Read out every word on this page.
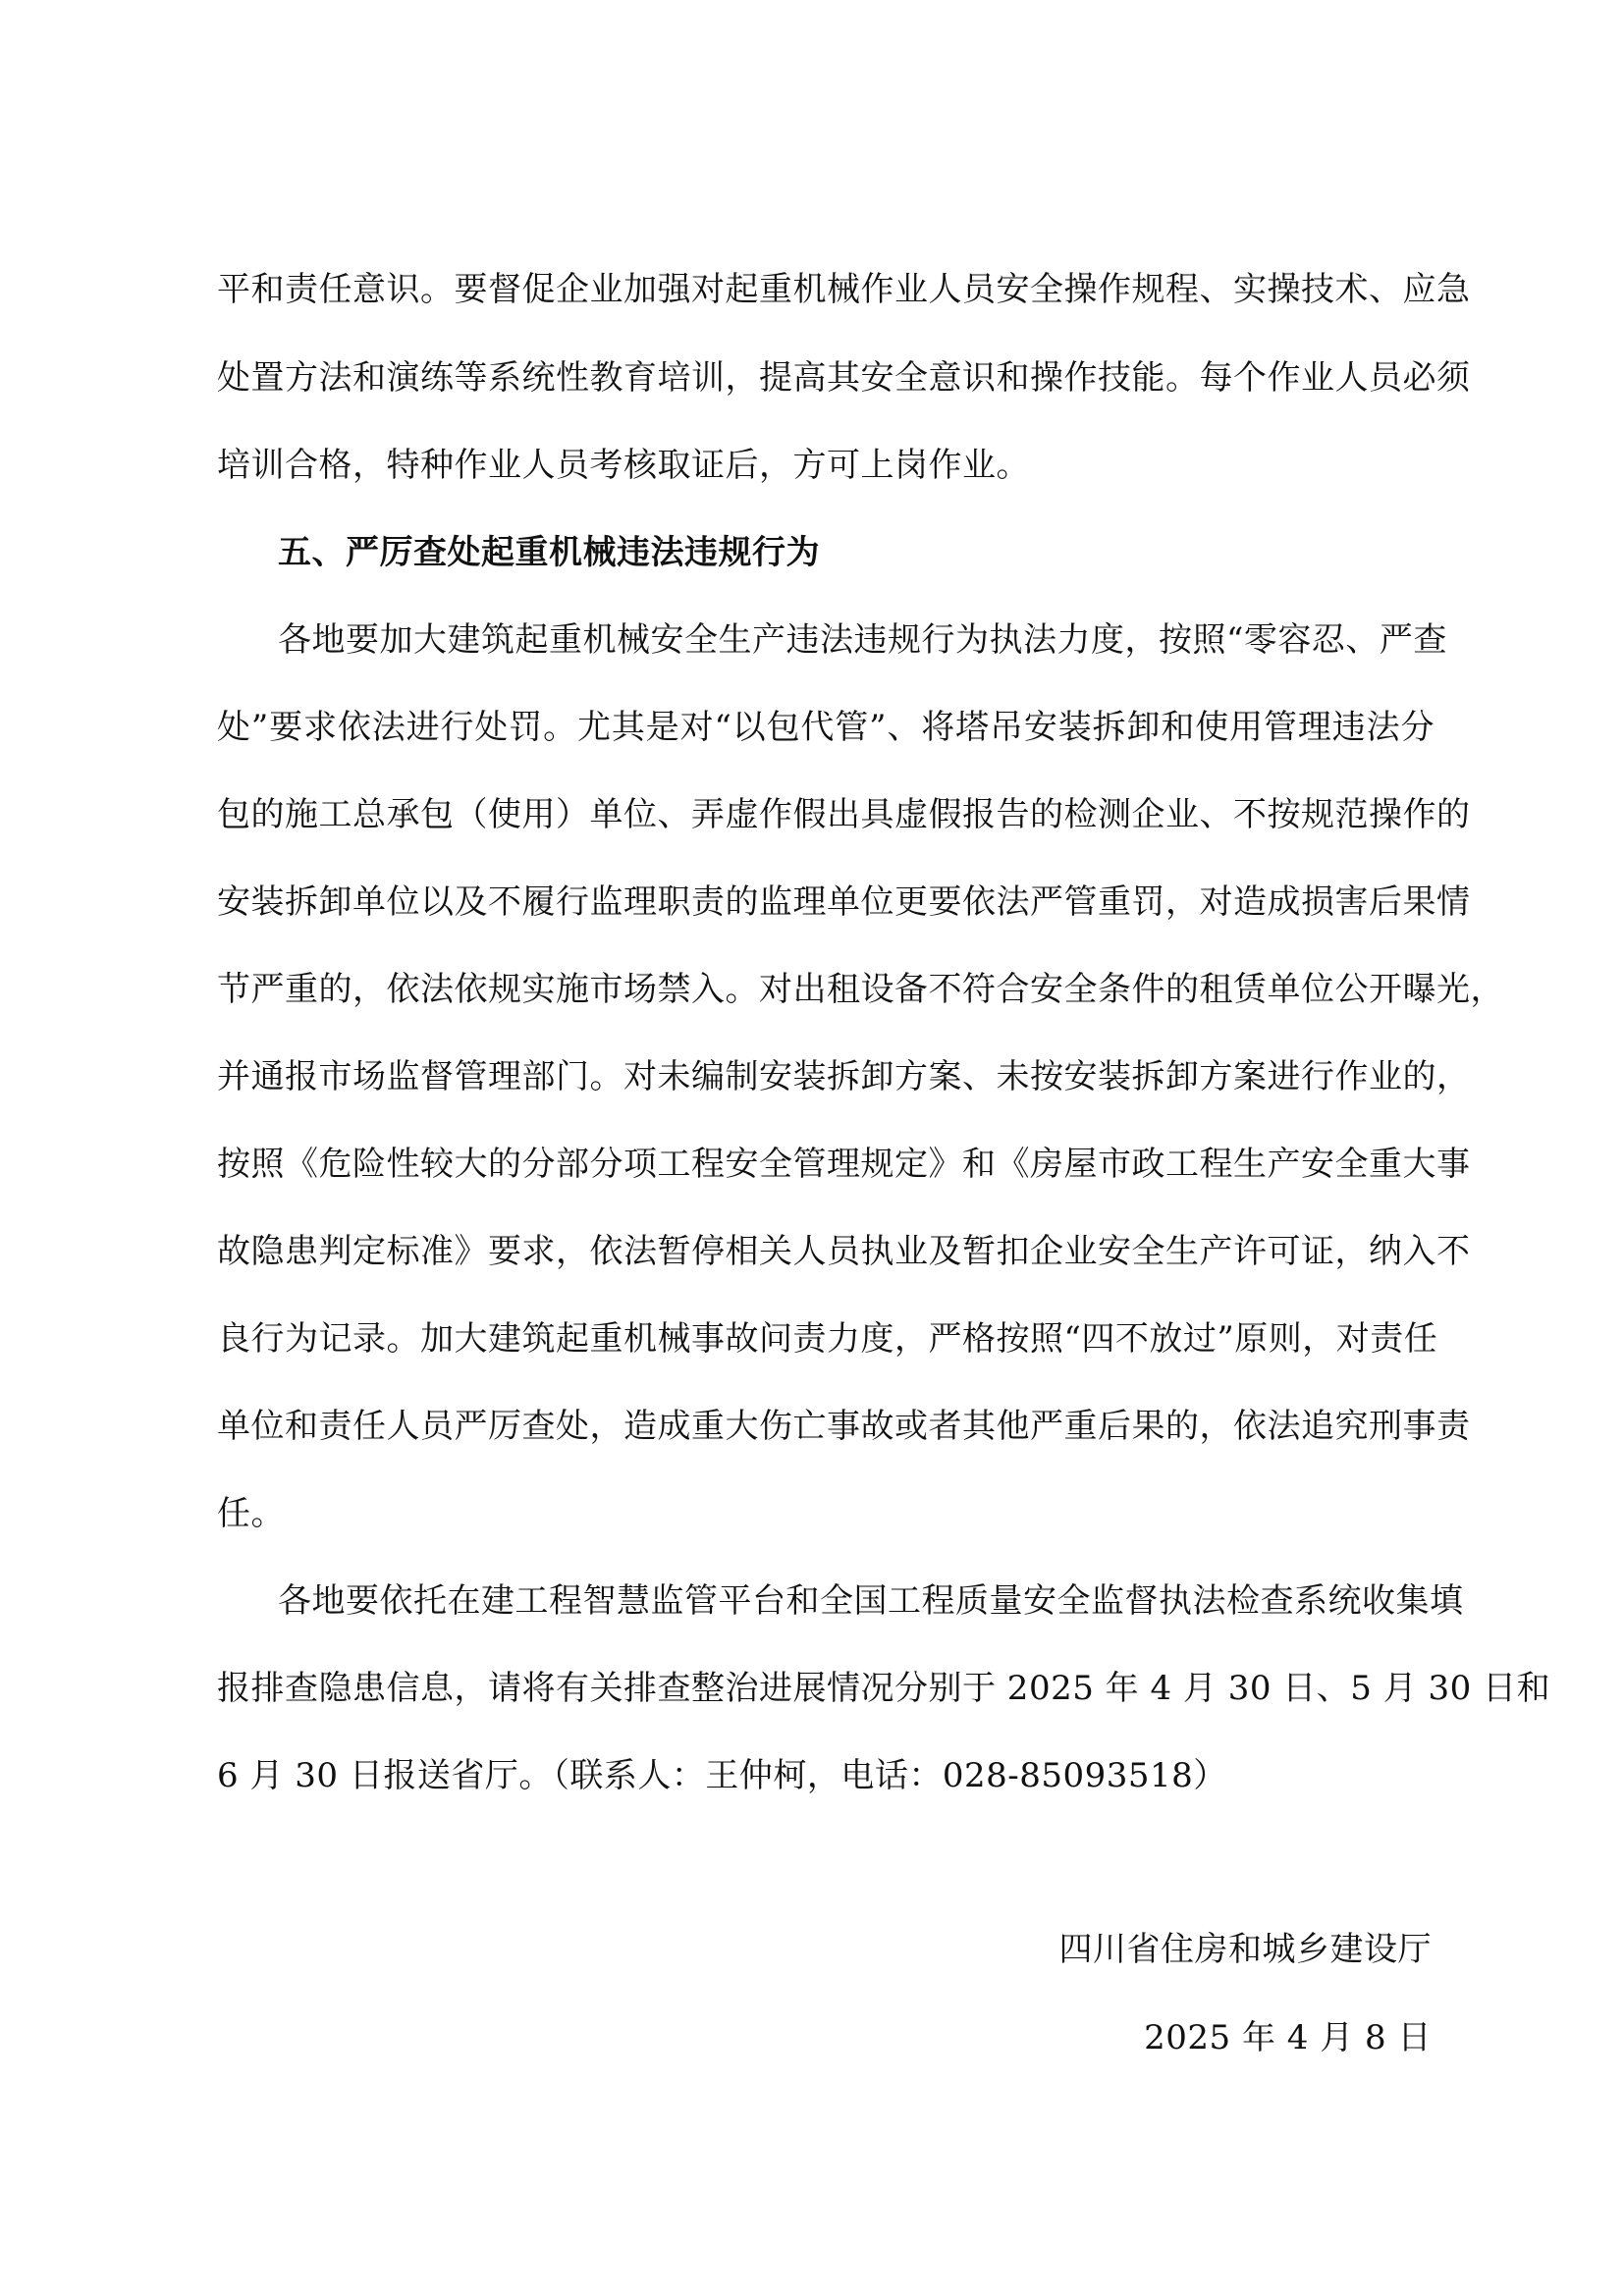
平和责任意识。要督促企业加强对起重机械作业人员安全操作规程、实操技术、应急
处置方法和演练等系统性教育培训，提高其安全意识和操作技能。每个作业人员必须
培训合格，特种作业人员考核取证后，方可上岗作业。
五、严厉查处起重机械违法违规行为
各地要加大建筑起重机械安全生产违法违规行为执法力度，按照“零容忍、严查
处”要求依法进行处罚。尤其是对“以包代管”、将塔吊安装拆卸和使用管理违法分
包的施工总承包（使用）单位、弄虚作假出具虚假报告的检测企业、不按规范操作的
安装拆卸单位以及不履行监理职责的监理单位更要依法严管重罚，对造成损害后果情
节严重的，依法依规实施市场禁入。对出租设备不符合安全条件的租赁单位公开曝光，
并通报市场监督管理部门。对未编制安装拆卸方案、未按安装拆卸方案进行作业的，
按照《危险性较大的分部分项工程安全管理规定》和《房屋市政工程生产安全重大事
故隐患判定标准》要求，依法暂停相关人员执业及暂扣企业安全生产许可证，纳入不
良行为记录。加大建筑起重机械事故问责力度，严格按照“四不放过”原则，对责任
单位和责任人员严厉查处，造成重大伤亡事故或者其他严重后果的，依法追究刑事责
任。
各地要依托在建工程智慧监管平台和全国工程质量安全监督执法检查系统收集填
报排查隐患信息，请将有关排查整治进展情况分别于 2025 年 4 月 30 日、5 月 30 日和
6 月 30 日报送省厅。（联系人：王仲柯，电话：028-85093518）
四川省住房和城乡建设厅
2025 年 4 月 8 日
